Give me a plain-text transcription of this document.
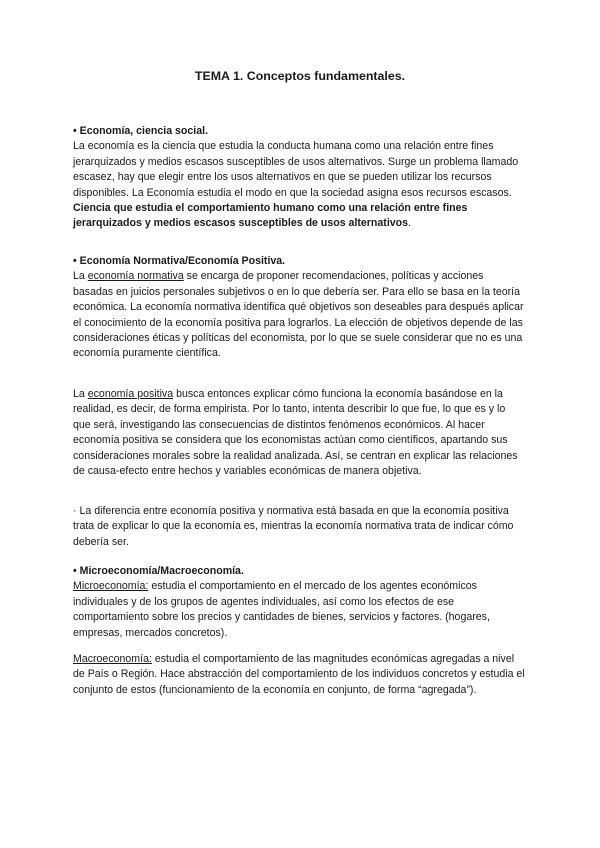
TEMA 1. Conceptos fundamentales.

• Economía, ciencia social.

La economía es la ciencia que estudia la conducta humana como una relación entre fines jerarquizados y medios escasos susceptibles de usos alternativos. Surge un problema llamado escasez, hay que elegir entre los usos alternativos en que se pueden utilizar los recursos disponibles. La Economía estudia el modo en que la sociedad asigna esos recursos escasos.

Ciencia que estudia el comportamiento humano como una relación entre fines jerarquizados y medios escasos susceptibles de usos alternativos.

• Economía Normativa/Economía Positiva.

La economía normativa se encarga de proponer recomendaciones, políticas y acciones basadas en juicios personales subjetivos o en lo que debería ser. Para ello se basa en la teoría económica. La economía normativa identifica qué objetivos son deseables para después aplicar el conocimiento de la economía positiva para lograrlos. La elección de objetivos depende de las consideraciones éticas y políticas del economista, por lo que se suele considerar que no es una economía puramente científica.

La economía positiva busca entonces explicar cómo funciona la economía basándose en la realidad, es decir, de forma empirista. Por lo tanto, intenta describir lo que fue, lo que es y lo que será, investigando las consecuencias de distintos fenómenos económicos. Al hacer economía positiva se considera que los economistas actúan como científicos, apartando sus consideraciones morales sobre la realidad analizada. Así, se centran en explicar las relaciones de causa-efecto entre hechos y variables económicas de manera objetiva.

· La diferencia entre economía positiva y normativa está basada en que la economía positiva trata de explicar lo que la economía es, mientras la economía normativa trata de indicar cómo debería ser.

• Microeconomía/Macroeconomía.

Microeconomía: estudia el comportamiento en el mercado de los agentes económicos individuales y de los grupos de agentes individuales, así como los efectos de ese comportamiento sobre los precios y cantidades de bienes, servicios y factores. (hogares, empresas, mercados concretos).

Macroeconomía: estudia el comportamiento de las magnitudes económicas agregadas a nivel de País o Región. Hace abstracción del comportamiento de los individuos concretos y estudia el conjunto de estos (funcionamiento de la economía en conjunto, de forma “agregada”).
